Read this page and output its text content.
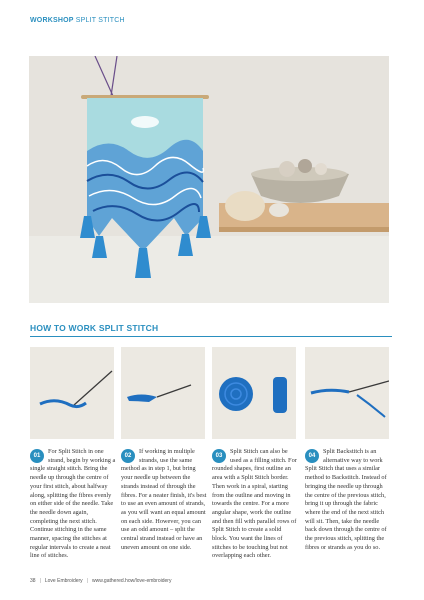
WORKSHOP SPLIT STITCH
HOW TO WORK SPLIT STITCH
01
For Split Stitch in one strand, begin by working a single straight stitch. Bring the needle up through the centre of your first stitch, about halfway along, splitting the fibres evenly on either side of the needle. Take the needle down again, completing the next stitch. Continue stitching in the same manner, spacing the stitches at regular intervals to create a neat line of stitches.
02
If working in multiple strands, use the same method as in step 1, but bring your needle up between the strands instead of through the fibres. For a neater finish, it's best to use an even amount of strands, as you will want an equal amount on each side. However, you can use an odd amount – split the central strand instead or have an uneven amount on one side.
03
Split Stitch can also be used as a filling stitch. For rounded shapes, first outline an area with a Split Stitch border. Then work in a spiral, starting from the outline and moving in towards the centre. For a more angular shape, work the outline and then fill with parallel rows of Split Stitch to create a solid block. You want the lines of stitches to be touching but not overlapping each other.
04
Split Backstitch is an alternative way to work Split Stitch that uses a similar method to Backstitch. Instead of bringing the needle up through the centre of the previous stitch, bring it up through the fabric where the end of the next stitch will sit. Then, take the needle back down through the centre of the previous stitch, splitting the fibres or strands as you do so.
38 | Love Embroidery | www.gathered.how/love-embroidery
